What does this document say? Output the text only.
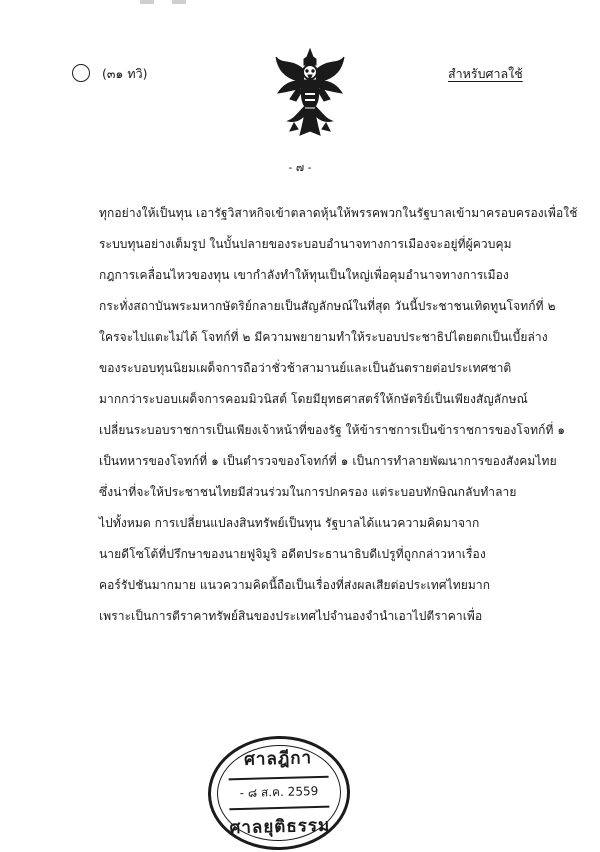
(๓๑ ทวิ)	สำหรับศาลใช้
- ๗ -
ทุกอย่างให้เป็นทุน เอารัฐวิสาหกิจเข้าตลาดหุ้นให้พรรคพวกในรัฐบาลเข้ามาครอบครองเพื่อใช้
ระบบทุนอย่างเต็มรูป ในบั้นปลายของระบอบอำนาจทางการเมืองจะอยู่ที่ผู้ควบคุม
กฎการเคลื่อนไหวของทุน เขากำลังทำให้ทุนเป็นใหญ่เพื่อคุมอำนาจทางการเมือง
กระทั่งสถาบันพระมหากษัตริย์กลายเป็นสัญลักษณ์ในที่สุด วันนี้ประชาชนเทิดทูนโจทก์ที่ ๒
ใครจะไปแตะไม่ได้ โจทก์ที่ ๒ มีความพยายามทำให้ระบอบประชาธิปไตยตกเป็นเบี้ยล่าง
ของระบอบทุนนิยมเผด็จการถือว่าชั่วช้าสามานย์และเป็นอันตรายต่อประเทศชาติ
มากกว่าระบอบเผด็จการคอมมิวนิสต์ โดยมียุทธศาสตร์ให้กษัตริย์เป็นเพียงสัญลักษณ์
เปลี่ยนระบอบราชการเป็นเพียงเจ้าหน้าที่ของรัฐ ให้ข้าราชการเป็นข้าราชการของโจทก์ที่ ๑
เป็นทหารของโจทก์ที่ ๑ เป็นตำรวจของโจทก์ที่ ๑ เป็นการทำลายพัฒนาการของสังคมไทย
ซึ่งน่าที่จะให้ประชาชนไทยมีส่วนร่วมในการปกครอง แต่ระบอบทักษิณกลับทำลาย
ไปทั้งหมด การเปลี่ยนแปลงสินทรัพย์เป็นทุน รัฐบาลได้แนวความคิดมาจาก
นายดีโซโต้ที่ปรึกษาของนายฟูจิมูริ อดีตประธานาธิบดีเปรูที่ถูกกล่าวหาเรื่อง
คอร์รัปชันมากมาย แนวความคิดนี้ถือเป็นเรื่องที่ส่งผลเสียต่อประเทศไทยมาก
เพราะเป็นการตีราคาทรัพย์สินของประเทศไปจำนองจำนำเอาไปตีราคาเพื่อ
ศาลฎีกา
- ๘ ส.ค. 2559
ศาลยุติธรรม
